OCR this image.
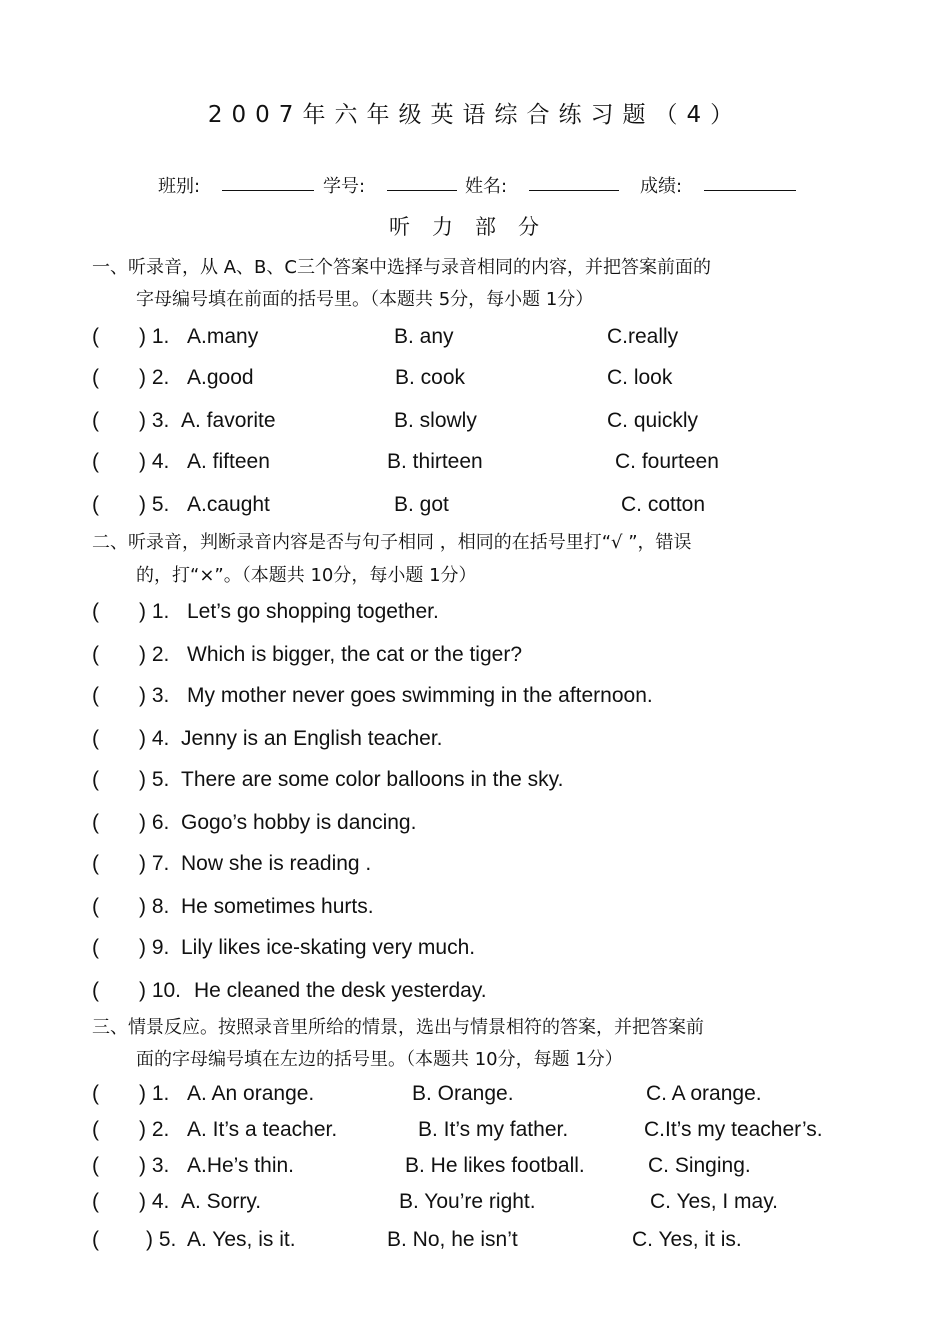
2007年六年级英语综合练习题（4）
班别:	学号:	姓名:	成绩:
听力部分
一、听录音，从 A、B、C三个答案中选择与录音相同的内容，并把答案前面的
字母编号填在前面的括号里。（本题共 5分，每小题 1分）
( ) 1. A.many	B. any	C.really
( ) 2. A.good	B. cook	C. look
( ) 3. A. favorite	B. slowly	C. quickly
( ) 4. A. fifteen	B. thirteen	C. fourteen
( ) 5. A.caught	B. got	C. cotton
( ) 1. Let’s go shopping together.
( ) 2. Which is bigger, the cat or the tiger?
( ) 3. My mother never goes swimming in the afternoon.
( ) 4. Jenny is an English teacher.
( ) 5. There are some color balloons in the sky.
( ) 6. Gogo’s hobby is dancing.
( ) 7. Now she is reading .
( ) 8. He sometimes hurts.
( ) 9. Lily likes ice-skating very much.
( ) 10. He cleaned the desk yesterday.
( ) 1. A. An orange.	B. Orange.	C. A orange.
( ) 2. A. It’s a teacher.	B. It’s my father.	C.It’s my teacher’s.
( ) 3. A.He’s thin.	B. He likes football.	C. Singing.
( ) 4. A. Sorry.	B. You’re right.	C. Yes, I may.
( ) 5. A. Yes, is it.	B. No, he isn’t	C. Yes, it is.
二、听录音，判断录音内容是否与句子相同 ，相同的在括号里打“√ ”，错误
的，打“×”。（本题共 10分，每小题 1分）
三、情景反应。按照录音里所给的情景，选出与情景相符的答案，并把答案前
面的字母编号填在左边的括号里。（本题共 10分，每题 1分）
